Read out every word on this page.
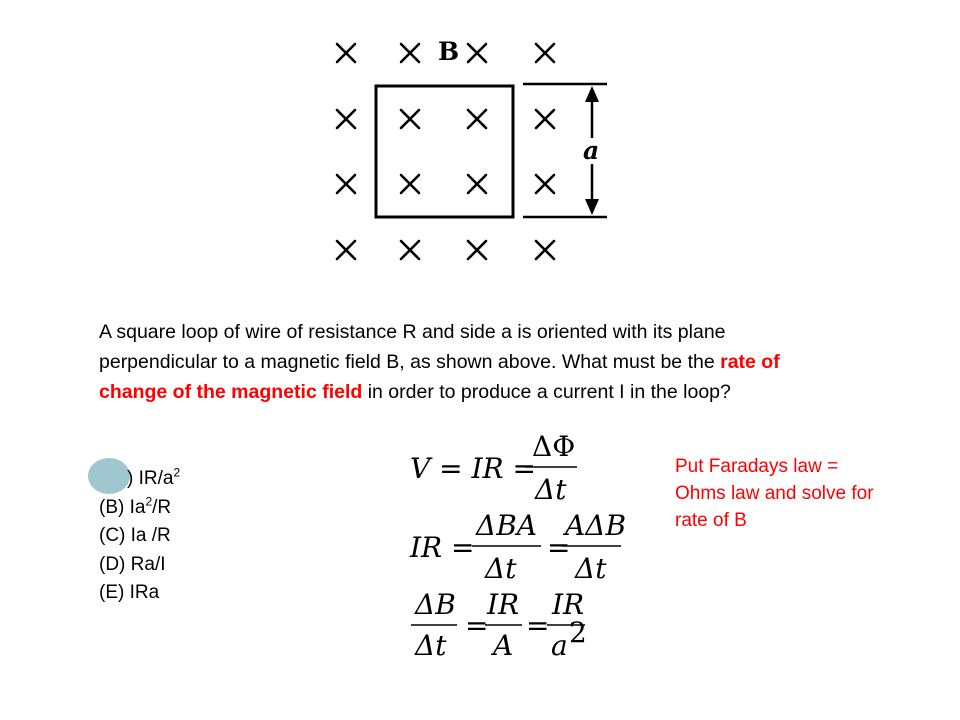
B
a
A square loop of wire of resistance R and side a is oriented with its plane perpendicular to a magnetic field B, as shown above. What must be the rate of change of the magnetic field in order to produce a current I in the loop?
) $IR/a^2$
(B) Ia$^2$/R
(C) Ia /R
(D) Ra/I
(E) IRa
V = IR =
ΔΦ
Δt
IR =
ΔBA
Δt
=
AΔB
Δt
ΔB
Δt
=
IR
A
=
IR
a 2
Put Faradays law = Ohms law and solve for rate of B
